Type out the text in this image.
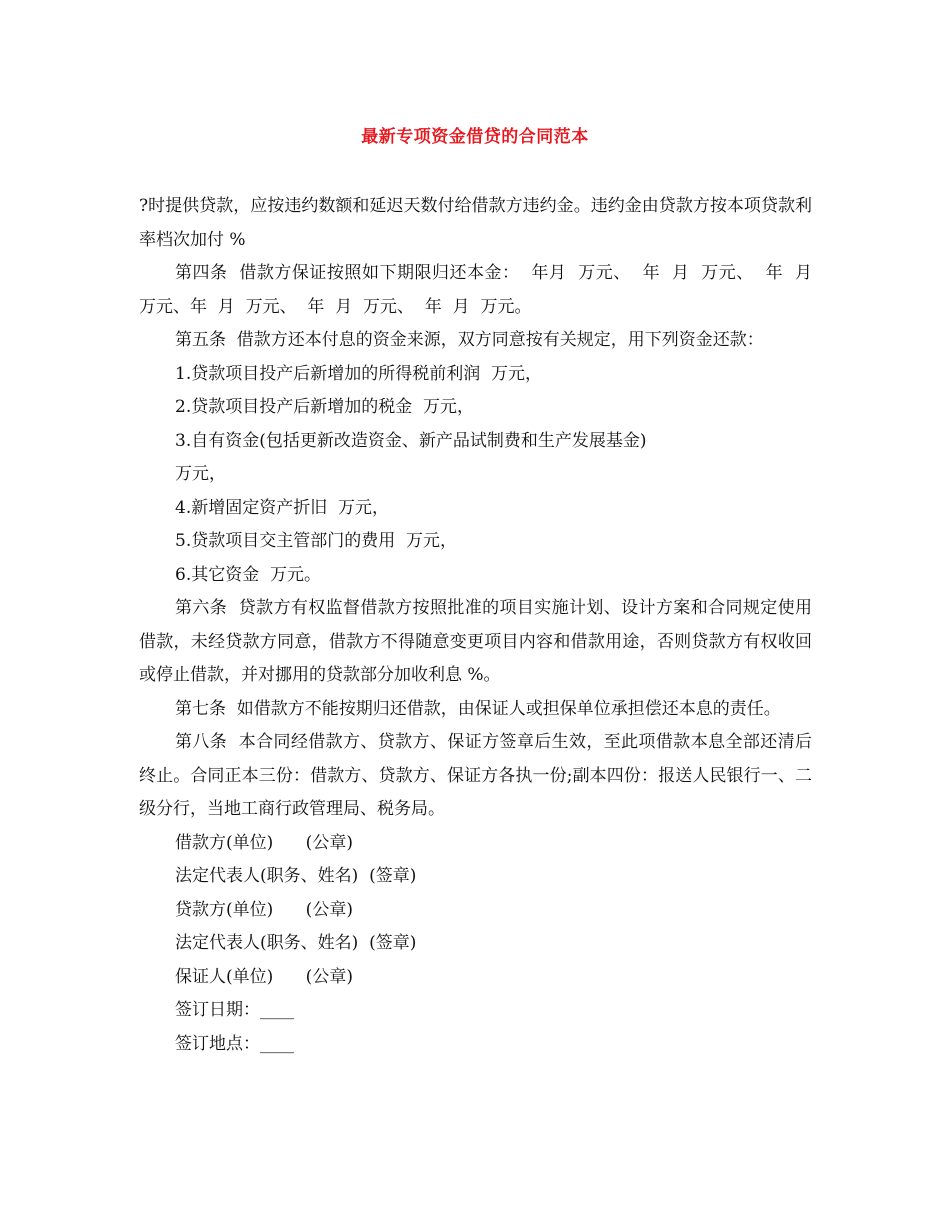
最新专项资金借贷的合同范本

?时提供贷款，应按违约数额和延迟天数付给借款方违约金。违约金由贷款方按本项贷款利率档次加付 %

第四条  借款方保证按照如下期限归还本金：  年月  万元、  年  月  万元、  年  月  万元、年  月  万元、  年  月  万元、  年  月  万元。

第五条  借款方还本付息的资金来源，双方同意按有关规定，用下列资金还款：

1.贷款项目投产后新增加的所得税前利润  万元，

2.贷款项目投产后新增加的税金  万元，

3.自有资金(包括更新改造资金、新产品试制费和生产发展基金)

万元，

4.新增固定资产折旧  万元，

5.贷款项目交主管部门的费用  万元，

6.其它资金  万元。

第六条  贷款方有权监督借款方按照批准的项目实施计划、设计方案和合同规定使用借款，未经贷款方同意，借款方不得随意变更项目内容和借款用途，否则贷款方有权收回或停止借款，并对挪用的贷款部分加收利息 %。

第七条  如借款方不能按期归还借款，由保证人或担保单位承担偿还本息的责任。

第八条  本合同经借款方、贷款方、保证方签章后生效，至此项借款本息全部还清后终止。合同正本三份：借款方、贷款方、保证方各执一份;副本四份：报送人民银行一、二级分行，当地工商行政管理局、税务局。

借款方(单位)      (公章)

法定代表人(职务、姓名)  (签章)

贷款方(单位)      (公章)

法定代表人(职务、姓名)  (签章)

保证人(单位)      (公章)

签订日期：____

签订地点：____
